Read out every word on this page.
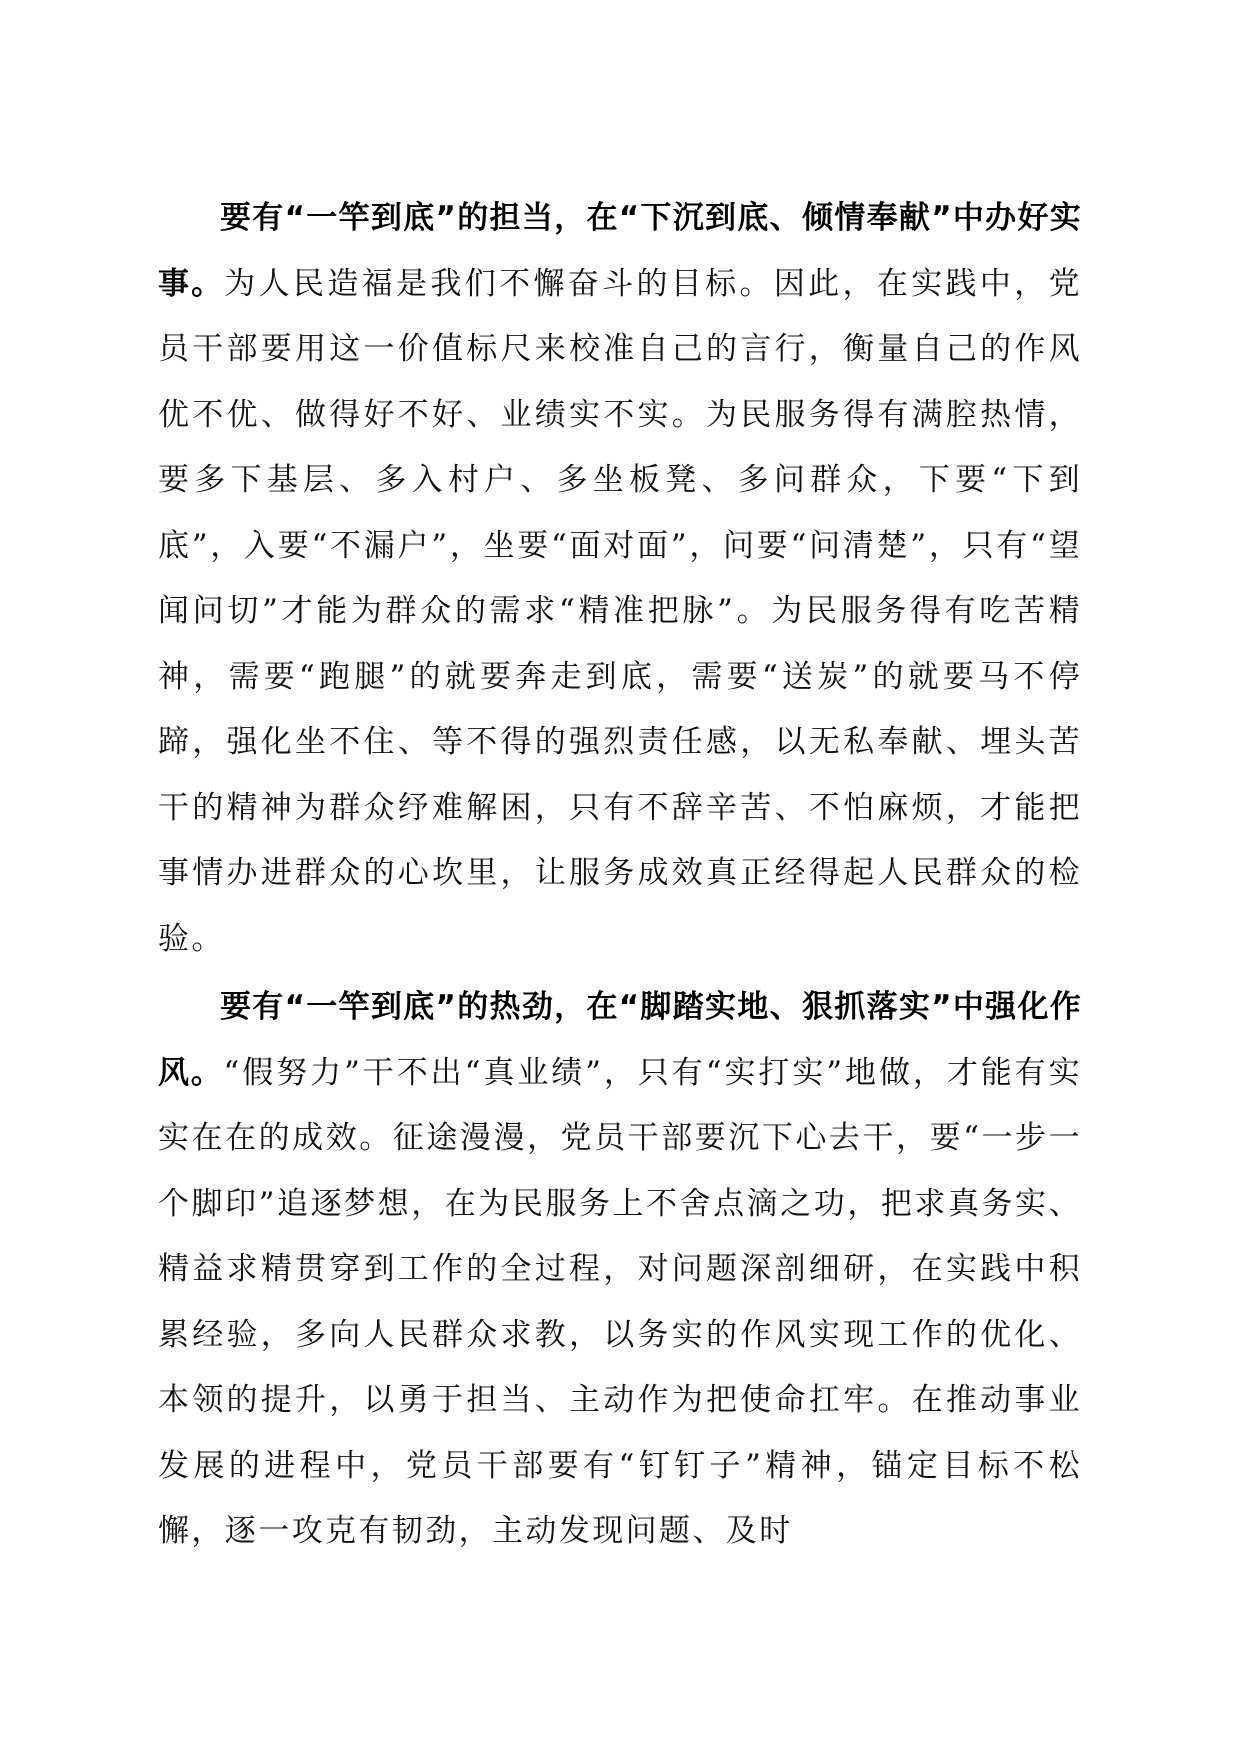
要有“一竿到底”的担当，在“下沉到底、倾情奉献”中办好实事。为人民造福是我们不懈奋斗的目标。因此，在实践中，党员干部要用这一价值标尺来校准自己的言行，衡量自己的作风优不优、做得好不好、业绩实不实。为民服务得有满腔热情，要多下基层、多入村户、多坐板凳、多问群众，下要“下到底”，入要“不漏户”，坐要“面对面”，问要“问清楚”，只有“望闻问切”才能为群众的需求“精准把脉”。为民服务得有吃苦精神，需要“跑腿”的就要奔走到底，需要“送炭”的就要马不停蹄，强化坐不住、等不得的强烈责任感，以无私奉献、埋头苦干的精神为群众纾难解困，只有不辞辛苦、不怕麻烦，才能把事情办进群众的心坎里，让服务成效真正经得起人民群众的检验。

要有“一竿到底”的热劲，在“脚踏实地、狠抓落实”中强化作风。“假努力”干不出“真业绩”，只有“实打实”地做，才能有实实在在的成效。征途漫漫，党员干部要沉下心去干，要“一步一个脚印”追逐梦想，在为民服务上不舍点滴之功，把求真务实、精益求精贯穿到工作的全过程，对问题深剖细研，在实践中积累经验，多向人民群众求教，以务实的作风实现工作的优化、本领的提升，以勇于担当、主动作为把使命扛牢。在推动事业发展的进程中，党员干部要有“钉钉子”精神，锚定目标不松懈，逐一攻克有韧劲，主动发现问题、及时
